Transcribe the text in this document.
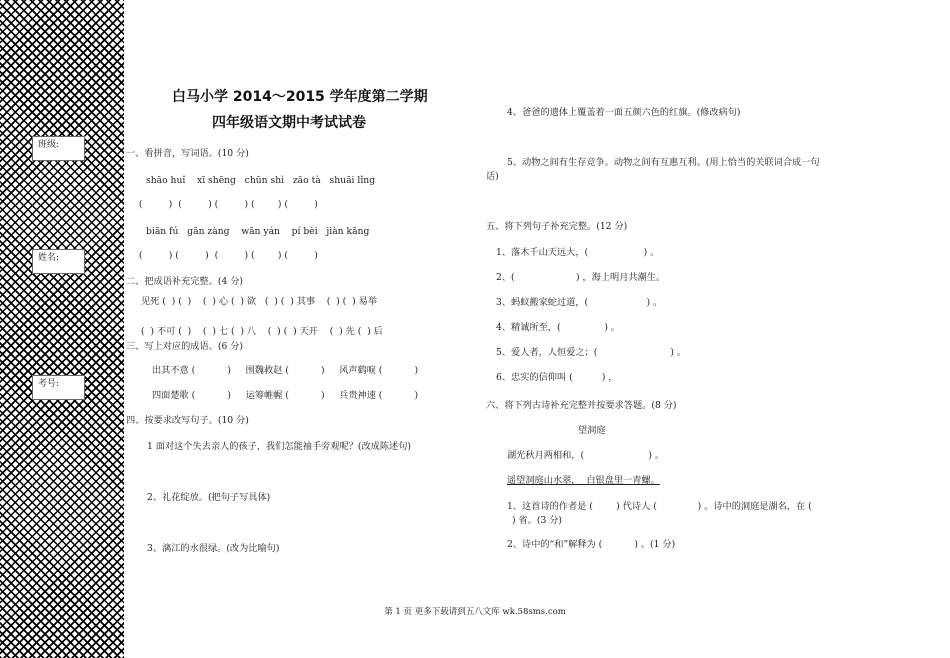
班级:
姓名:
考号:
白马小学 2014～2015 学年度第二学期
四年级语文期中考试试卷
一、看拼音，写词语。(10 分)
shāo huǐ    xī shēng   chūn shì   zāo tà   shuāi lǐng
(         )  (         ) (         ) (        ) (         )
biān fú   gān zàng    wān yán    pí bèi   jiàn kāng
(         ) (         )  (         ) (        ) (         )
二、把成语补充完整。(4 分)
见死 (  ) (  )    (  ) 心 (  ) 欲   (  ) (  ) 其事    (  ) (  ) 易举
(  ) 不可 (  )    (  ) 七 (  ) 八    (  ) (  ) 天开    (  ) 先 (  ) 后
三、写上对应的成语。(6 分)
出其不意 (           )     围魏救赵 (           )     风声鹤唳 (           )
四面楚歌 (           )     运筹帷幄 (           )     兵贵神速 (           )
四、按要求改写句子。(10 分)
1 面对这个失去亲人的孩子，我们怎能袖手旁观呢？(改成陈述句)
2、礼花绽放。(把句子写具体)
3、漓江的水很绿。(改为比喻句)
4、爸爸的遗体上覆盖着一面五颜六色的红旗。(修改病句)
5、动物之间有生存竞争。动物之间有互惠互利。(用上恰当的关联词合成一句
话)
五、将下列句子补充完整。(12 分)
1、落木千山天远大，(                   ) 。
2、(                     ) ，海上明月共潮生。
3、蚂蚁搬家蛇过道，(                    ) 。
4、精诚所至，(               ) 。
5、爱人者，人恒爱之；(                         ) 。
6、忠实的信仰叫 (          ) ，
六、将下列古诗补充完整并按要求答题。(8 分)
望洞庭
湖光秋月两相和，(                      ) 。
遥望洞庭山水翠，  白银盘里一青螺。
1、这首诗的作者是 (        ) 代诗人 (              ) 。诗中的洞庭是湖名，在 (
) 省。(3 分)
2、诗中的“和”解释为 (           ) 。(1 分)
第 1 页 更多下载请到五八文库 wk.58sms.com
